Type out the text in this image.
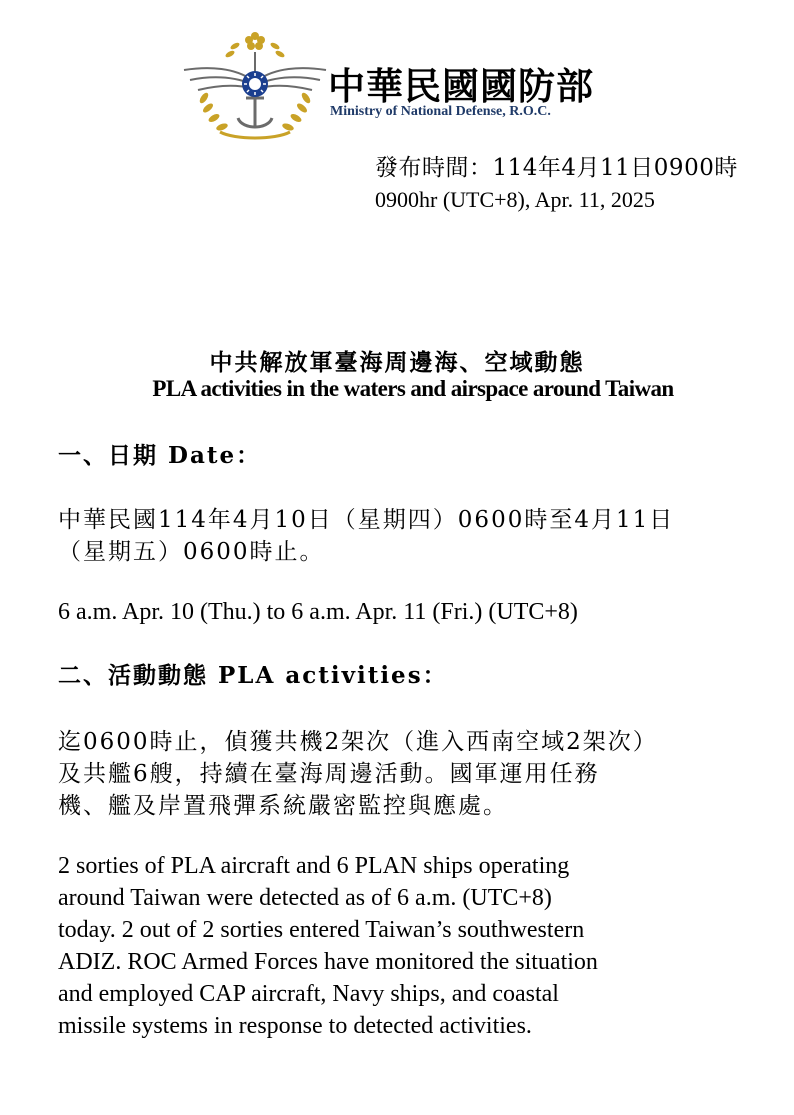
中華民國國防部
Ministry of National Defense, R.O.C.
發布時間：114年4月11日0900時
0900hr (UTC+8), Apr. 11, 2025
中共解放軍臺海周邊海、空域動態
PLA activities in the waters and airspace around Taiwan
一、日期 Date：
中華民國114年4月10日（星期四）0600時至4月11日
（星期五）0600時止。
6 a.m. Apr. 10 (Thu.) to 6 a.m. Apr. 11 (Fri.) (UTC+8)
二、活動動態 PLA activities：
迄0600時止，偵獲共機2架次（進入西南空域2架次）
及共艦6艘，持續在臺海周邊活動。國軍運用任務
機、艦及岸置飛彈系統嚴密監控與應處。
2 sorties of PLA aircraft and 6 PLAN ships operating
around Taiwan were detected as of 6 a.m. (UTC+8)
today. 2 out of 2 sorties entered Taiwan’s southwestern
ADIZ. ROC Armed Forces have monitored the situation
and employed CAP aircraft, Navy ships, and coastal
missile systems in response to detected activities.
